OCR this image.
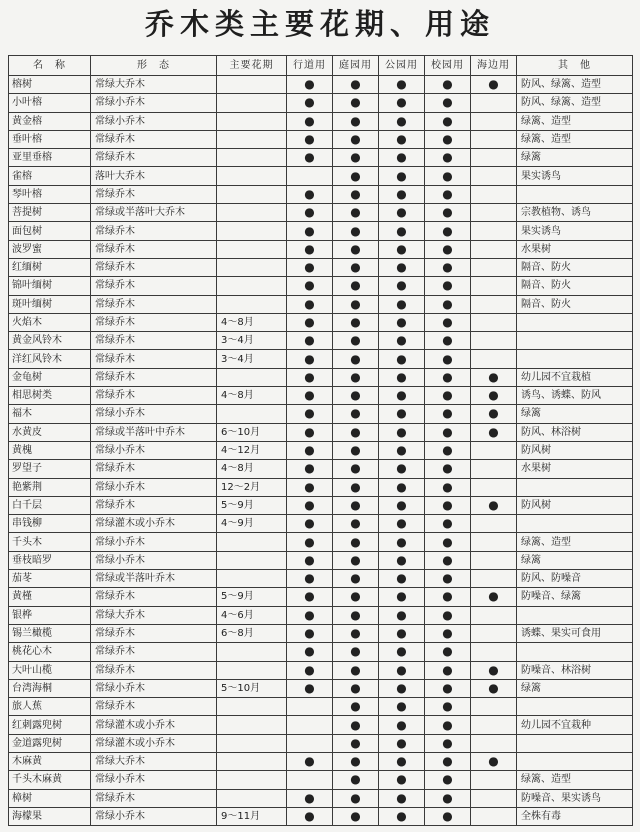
乔木类主要花期、用途
名　称	形　态	主要花期	行道用	庭园用	公园用	校园用	海边用	其　他
榕树	常绿大乔木		●	●	●	●	●	防风、绿篱、造型
小叶榕	常绿小乔木		●	●	●	●		防风、绿篱、造型
黄金榕	常绿小乔木		●	●	●	●		绿篱、造型
垂叶榕	常绿乔木		●	●	●	●		绿篱、造型
亚里垂榕	常绿乔木		●	●	●	●		绿篱
雀榕	落叶大乔木			●	●	●		果实诱鸟
琴叶榕	常绿乔木		●	●	●	●		
菩提树	常绿或半落叶大乔木		●	●	●	●		宗教植物、诱鸟
面包树	常绿乔木		●	●	●	●		果实诱鸟
波罗蜜	常绿乔木		●	●	●	●		水果树
红缅树	常绿乔木		●	●	●	●		隔音、防火
锦叶缅树	常绿乔木		●	●	●	●		隔音、防火
斑叶缅树	常绿乔木		●	●	●	●		隔音、防火
火焰木	常绿乔木	4～8月	●	●	●	●		
黄金风铃木	常绿乔木	3～4月	●	●	●	●		
洋红风铃木	常绿乔木	3～4月	●	●	●	●		
金龟树	常绿乔木		●	●	●	●	●	幼儿园不宜栽植
相思树类	常绿乔木	4～8月	●	●	●	●	●	诱鸟、诱蝶、防风
福木	常绿小乔木		●	●	●	●	●	绿篱
水黄皮	常绿或半落叶中乔木	6～10月	●	●	●	●	●	防风、林浴树
黄槐	常绿小乔木	4～12月	●	●	●	●		防风树
罗望子	常绿乔木	4～8月	●	●	●	●		水果树
艳紫荆	常绿小乔木	12～2月	●	●	●	●		
白千层	常绿乔木	5～9月	●	●	●	●	●	防风树
串钱柳	常绿灌木或小乔木	4～9月	●	●	●	●		
千头木	常绿小乔木		●	●	●	●		绿篱、造型
垂枝暗罗	常绿小乔木		●	●	●	●		绿篱
茄苳	常绿或半落叶乔木		●	●	●	●		防风、防噪音
黄槿	常绿乔木	5～9月	●	●	●	●	●	防噪音、绿篱
银桦	常绿大乔木	4～6月	●	●	●	●		
锡兰橄榄	常绿乔木	6～8月	●	●	●	●		诱蝶、果实可食用
桃花心木	常绿乔木		●	●	●	●		
大叶山榄	常绿乔木		●	●	●	●	●	防噪音、林浴树
台湾海桐	常绿小乔木	5～10月	●	●	●	●	●	绿篱
旅人蕉	常绿乔木			●	●	●		
红刺露兜树	常绿灌木或小乔木			●	●	●		幼儿园不宜栽种
金道露兜树	常绿灌木或小乔木			●	●	●		
木麻黄	常绿大乔木		●	●	●	●	●	
千头木麻黄	常绿小乔木			●	●	●		绿篱、造型
樟树	常绿乔木		●	●	●	●		防噪音、果实诱鸟
海檬果	常绿小乔木	9～11月	●	●	●	●		全株有毒
